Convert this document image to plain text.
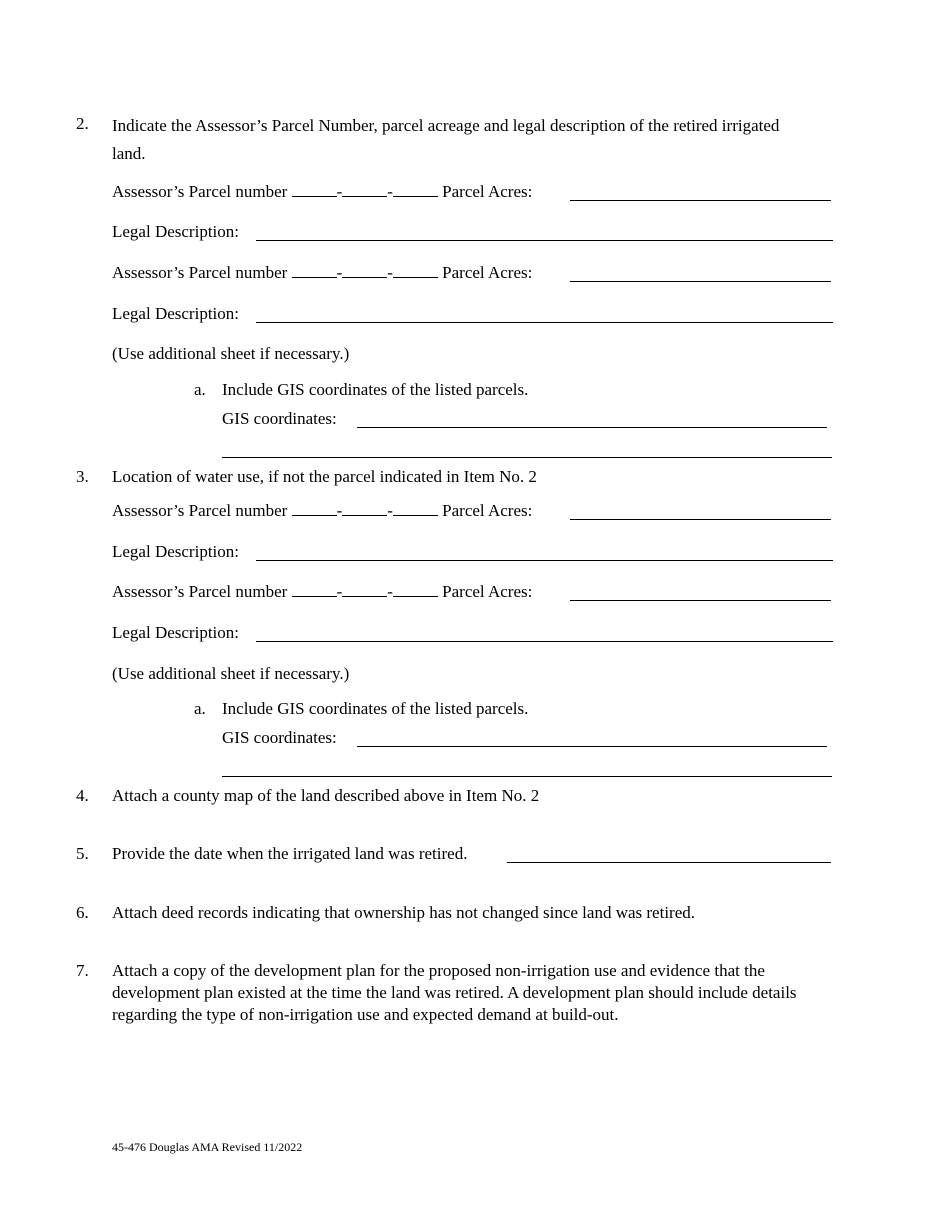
2. Indicate the Assessor’s Parcel Number, parcel acreage and legal description of the retired irrigated land.
Assessor’s Parcel number	-	-	Parcel Acres:
Legal Description:
Assessor’s Parcel number	-	-	Parcel Acres:
Legal Description:
(Use additional sheet if necessary.)
a. Include GIS coordinates of the listed parcels.
GIS coordinates:
3. Location of water use, if not the parcel indicated in Item No. 2
Assessor’s Parcel number	-	-	Parcel Acres:
Legal Description:
Assessor’s Parcel number	-	-	Parcel Acres:
Legal Description:
(Use additional sheet if necessary.)
a. Include GIS coordinates of the listed parcels.
GIS coordinates:
4. Attach a county map of the land described above in Item No. 2
5. Provide the date when the irrigated land was retired.
6. Attach deed records indicating that ownership has not changed since land was retired.
7. Attach a copy of the development plan for the proposed non-irrigation use and evidence that the development plan existed at the time the land was retired. A development plan should include details regarding the type of non-irrigation use and expected demand at build-out.
45-476 Douglas AMA Revised 11/2022
